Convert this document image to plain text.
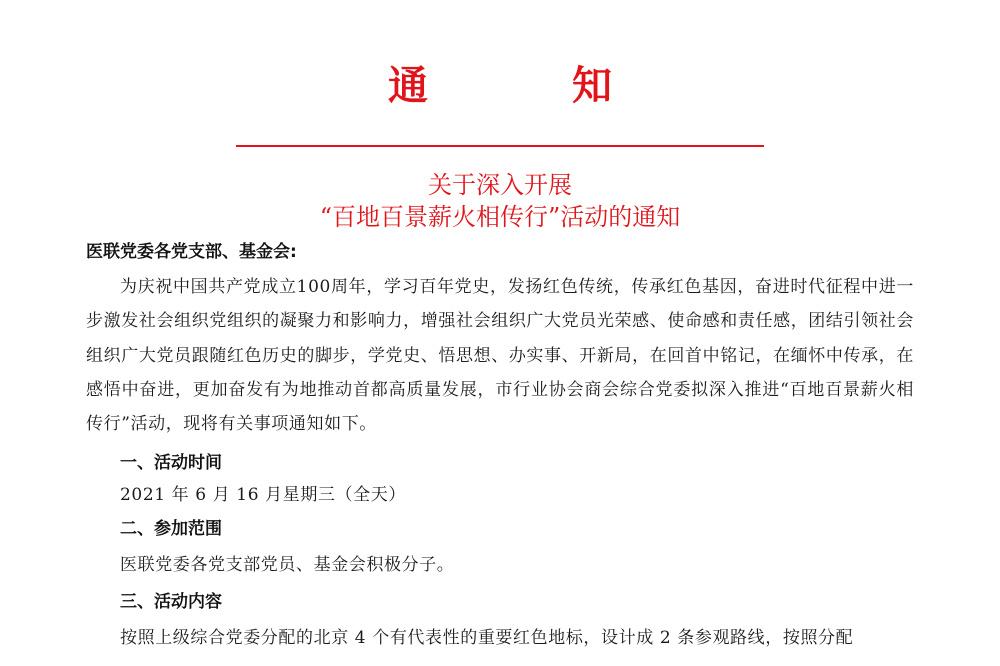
通　知
关于深入开展
“百地百景薪火相传行”活动的通知
医联党委各党支部、基金会:
为庆祝中国共产党成立100周年，学习百年党史，发扬红色传统，传承红色基因，奋进时代征程中进一步激发社会组织党组织的凝聚力和影响力，增强社会组织广大党员光荣感、使命感和责任感，团结引领社会组织广大党员跟随红色历史的脚步，学党史、悟思想、办实事、开新局，在回首中铭记，在缅怀中传承，在感悟中奋进，更加奋发有为地推动首都高质量发展，市行业协会商会综合党委拟深入推进“百地百景薪火相传行”活动，现将有关事项通知如下。
一、活动时间
2021 年 6 月 16 月星期三（全天）
二、参加范围
医联党委各党支部党员、基金会积极分子。
三、活动内容
按照上级综合党委分配的北京 4 个有代表性的重要红色地标，设计成 2 条参观路线，按照分配
